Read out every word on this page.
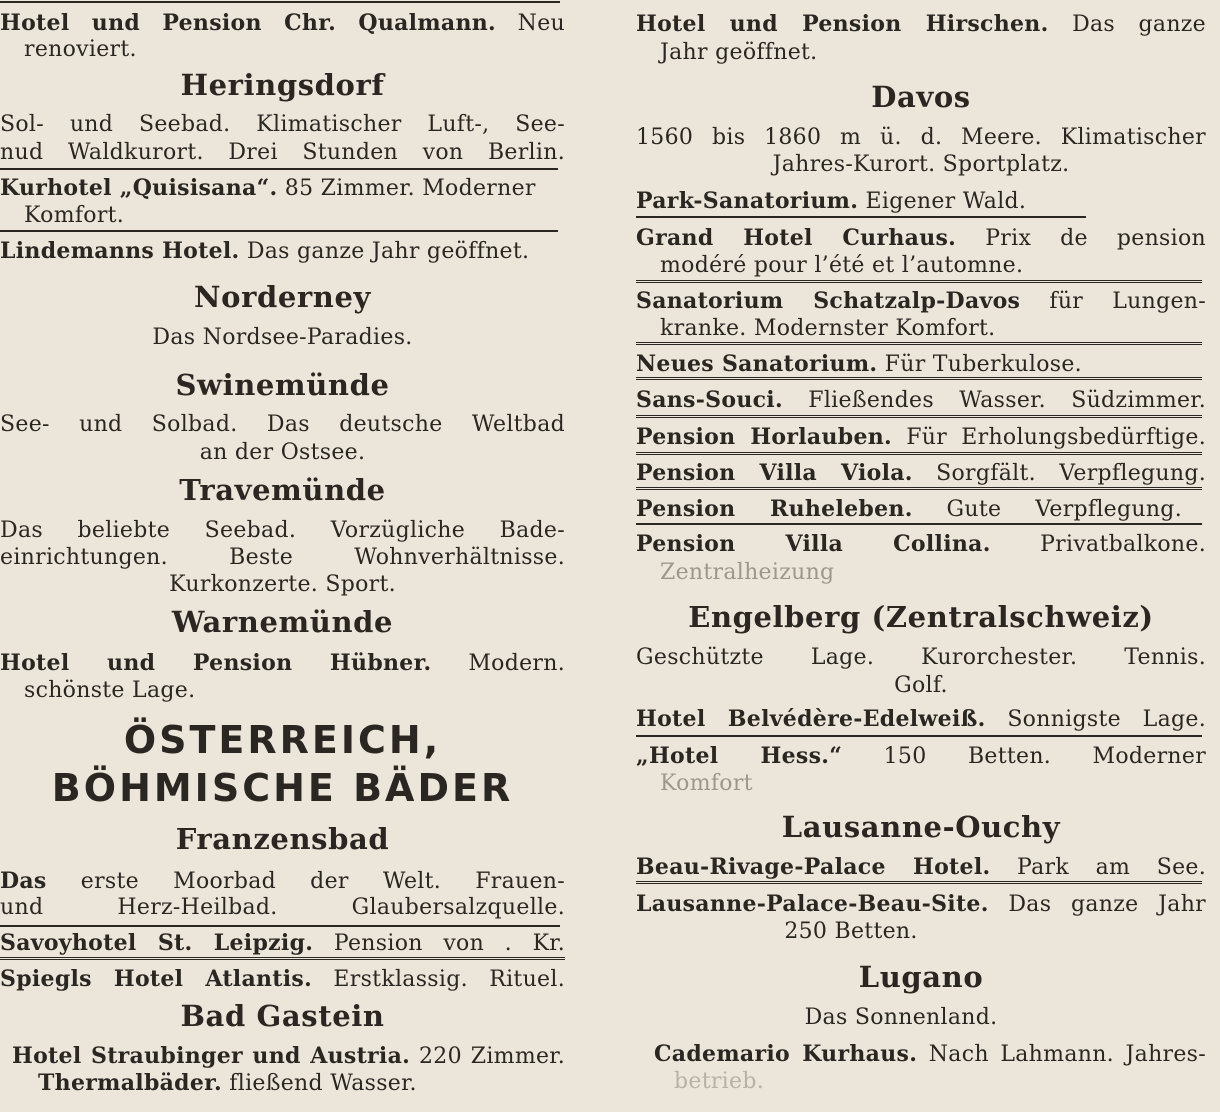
Hotel und Pension Chr. Qualmann. Neu
renoviert.
Heringsdorf
Sol- und Seebad. Klimatischer Luft-, See-
nud Waldkurort. Drei Stunden von Berlin.
Kurhotel „Quisisana“. 85 Zimmer. Moderner
Komfort.
Lindemanns Hotel. Das ganze Jahr geöffnet.
Norderney
Das Nordsee-Paradies.
Swinemünde
See- und Solbad. Das deutsche Weltbad
an der Ostsee.
Travemünde
Das beliebte Seebad. Vorzügliche Bade-
einrichtungen. Beste Wohnverhältnisse.
Kurkonzerte. Sport.
Warnemünde
Hotel und Pension Hübner. Modern.
schönste Lage.
ÖSTERREICH,
BÖHMISCHE BÄDER
Franzensbad
Das erste Moorbad der Welt. Frauen-
und Herz-Heilbad. Glaubersalzquelle.
Savoyhotel St. Leipzig. Pension von . Kr.
Spiegls Hotel Atlantis. Erstklassig. Rituel.
Bad Gastein
Hotel Straubinger und Austria. 220 Zimmer.
Thermalbäder. fließend Wasser.
Hotel und Pension Hirschen. Das ganze
Jahr geöffnet.
Davos
1560 bis 1860 m ü. d. Meere. Klimatischer
Jahres-Kurort. Sportplatz.
Park-Sanatorium. Eigener Wald.
Grand Hotel Curhaus. Prix de pension
modéré pour l’été et l’automne.
Sanatorium Schatzalp-Davos für Lungen-
kranke. Modernster Komfort.
Neues Sanatorium. Für Tuberkulose.
Sans-Souci. Fließendes Wasser. Südzimmer.
Pension Horlauben. Für Erholungsbedürftige.
Pension Villa Viola. Sorgfält. Verpflegung.
Pension Ruheleben. Gute Verpflegung.
Pension Villa Collina. Privatbalkone.
Zentralheizung
Engelberg (Zentralschweiz)
Geschützte Lage. Kurorchester. Tennis.
Golf.
Hotel Belvédère-Edelweiß. Sonnigste Lage.
„Hotel Hess.“ 150 Betten. Moderner
Komfort
Lausanne-Ouchy
Beau-Rivage-Palace Hotel. Park am See.
Lausanne-Palace-Beau-Site. Das ganze Jahr
250 Betten.
Lugano
Das Sonnenland.
Cademario Kurhaus. Nach Lahmann. Jahres-
betrieb.
